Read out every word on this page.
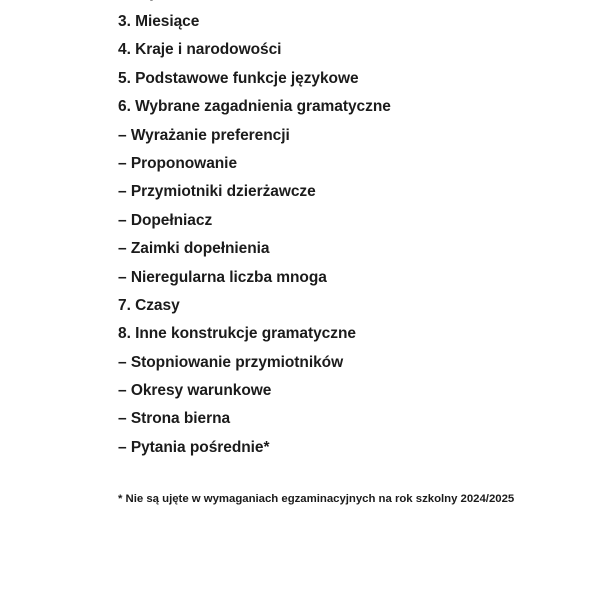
3. Miesiące
4. Kraje i narodowości
5. Podstawowe funkcje językowe
6. Wybrane zagadnienia gramatyczne
– Wyrażanie preferencji
– Proponowanie
– Przymiotniki dzierżawcze
– Dopełniacz
– Zaimki dopełnienia
– Nieregularna liczba mnoga
7. Czasy
8. Inne konstrukcje gramatyczne
– Stopniowanie przymiotników
– Okresy warunkowe
– Strona bierna
– Pytania pośrednie*
* Nie są ujęte w wymaganiach egzaminacyjnych na rok szkolny 2024/2025
